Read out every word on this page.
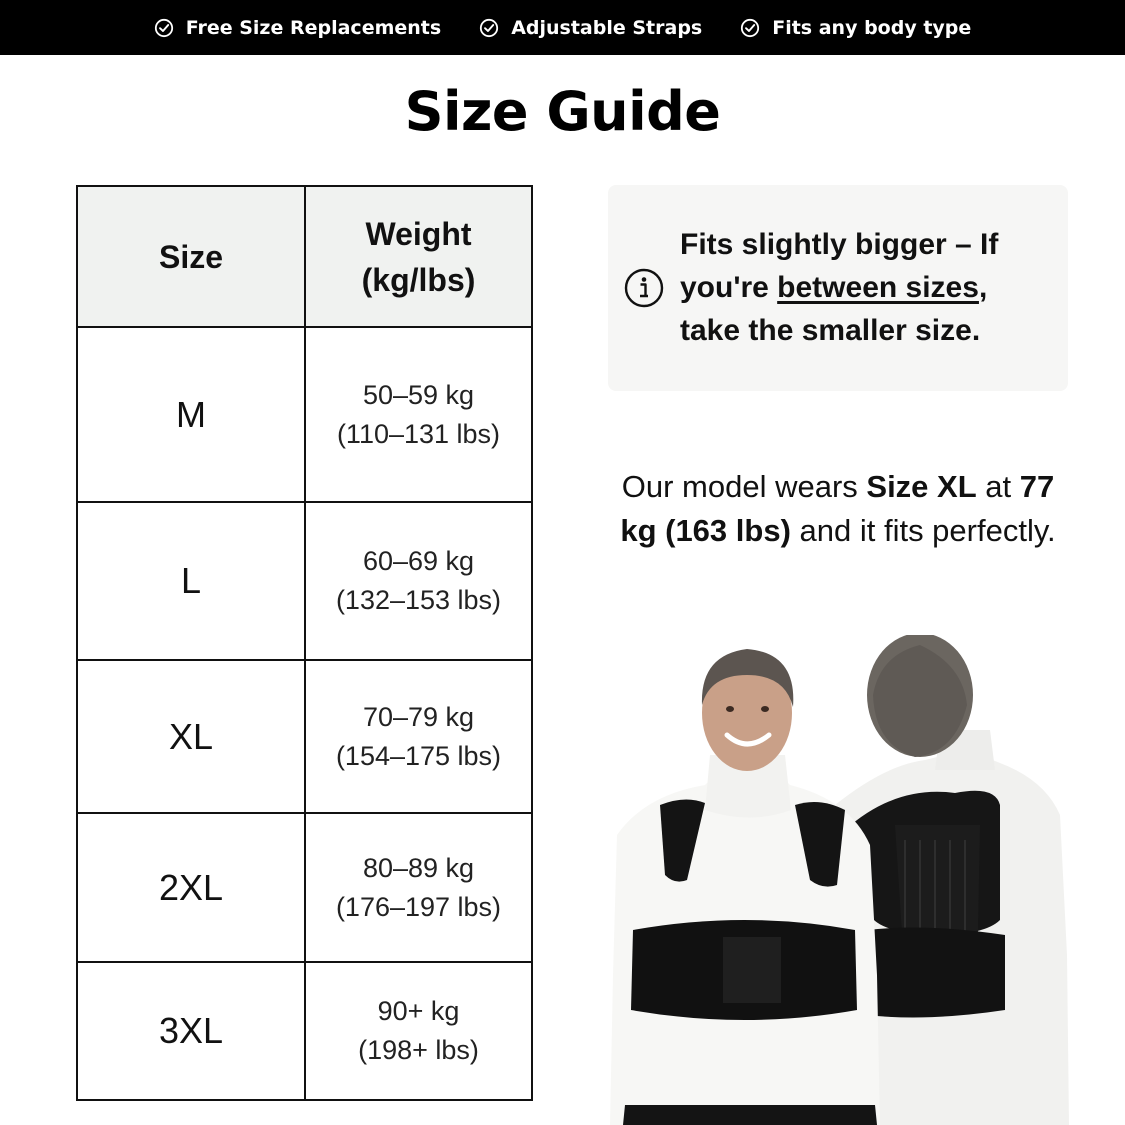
Free Size Replacements	Adjustable Straps	Fits any body type
Size Guide
Size	Weight
(kg/lbs)
M	50–59 kg
(110–131 lbs)
L	60–69 kg
(132–153 lbs)
XL	70–79 kg
(154–175 lbs)
2XL	80–89 kg
(176–197 lbs)
3XL	90+ kg
(198+ lbs)
Fits slightly bigger – If you're between sizes, take the smaller size.

Our model wears Size XL at 77 kg (163 lbs) and it fits perfectly.
